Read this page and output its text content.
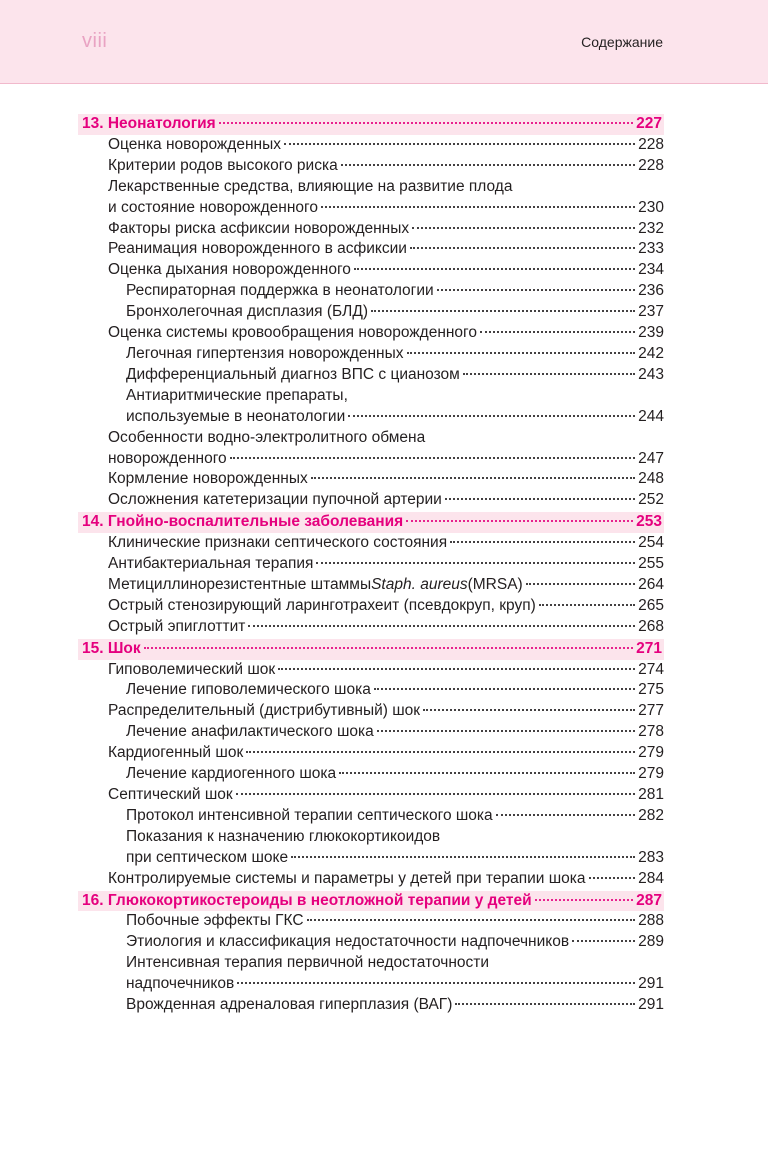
viii	Содержание
13. Неонатология	227
Оценка новорожденных	228
Критерии родов высокого риска	228
Лекарственные средства, влияющие на развитие плода
и состояние новорожденного	230
Факторы риска асфиксии новорожденных	232
Реанимация новорожденного в асфиксии	233
Оценка дыхания новорожденного	234
Респираторная поддержка в неонатологии	236
Бронхолегочная дисплазия (БЛД)	237
Оценка системы кровообращения новорожденного	239
Легочная гипертензия новорожденных	242
Дифференциальный диагноз ВПС с цианозом	243
Антиаритмические препараты,
используемые в неонатологии	244
Особенности водно-электролитного обмена
новорожденного	247
Кормление новорожденных	248
Осложнения катетеризации пупочной артерии	252
14. Гнойно-воспалительные заболевания	253
Клинические признаки септического состояния	254
Антибактериальная терапия	255
Метициллинорезистентные штаммы Staph. aureus (MRSA)	264
Острый стенозирующий ларинготрахеит (псевдокруп, круп)	265
Острый эпиглоттит	268
15. Шок	271
Гиповолемический шок	274
Лечение гиповолемического шока	275
Распределительный (дистрибутивный) шок	277
Лечение анафилактического шока	278
Кардиогенный шок	279
Лечение кардиогенного шока	279
Септический шок	281
Протокол интенсивной терапии септического шока	282
Показания к назначению глюкокортикоидов
при септическом шоке	283
Контролируемые системы и параметры у детей при терапии шока	284
16. Глюкокортикостероиды в неотложной терапии у детей	287
Побочные эффекты ГКС	288
Этиология и классификация недостаточности надпочечников	289
Интенсивная терапия первичной недостаточности
надпочечников	291
Врожденная адреналовая гиперплазия (ВАГ)	291
